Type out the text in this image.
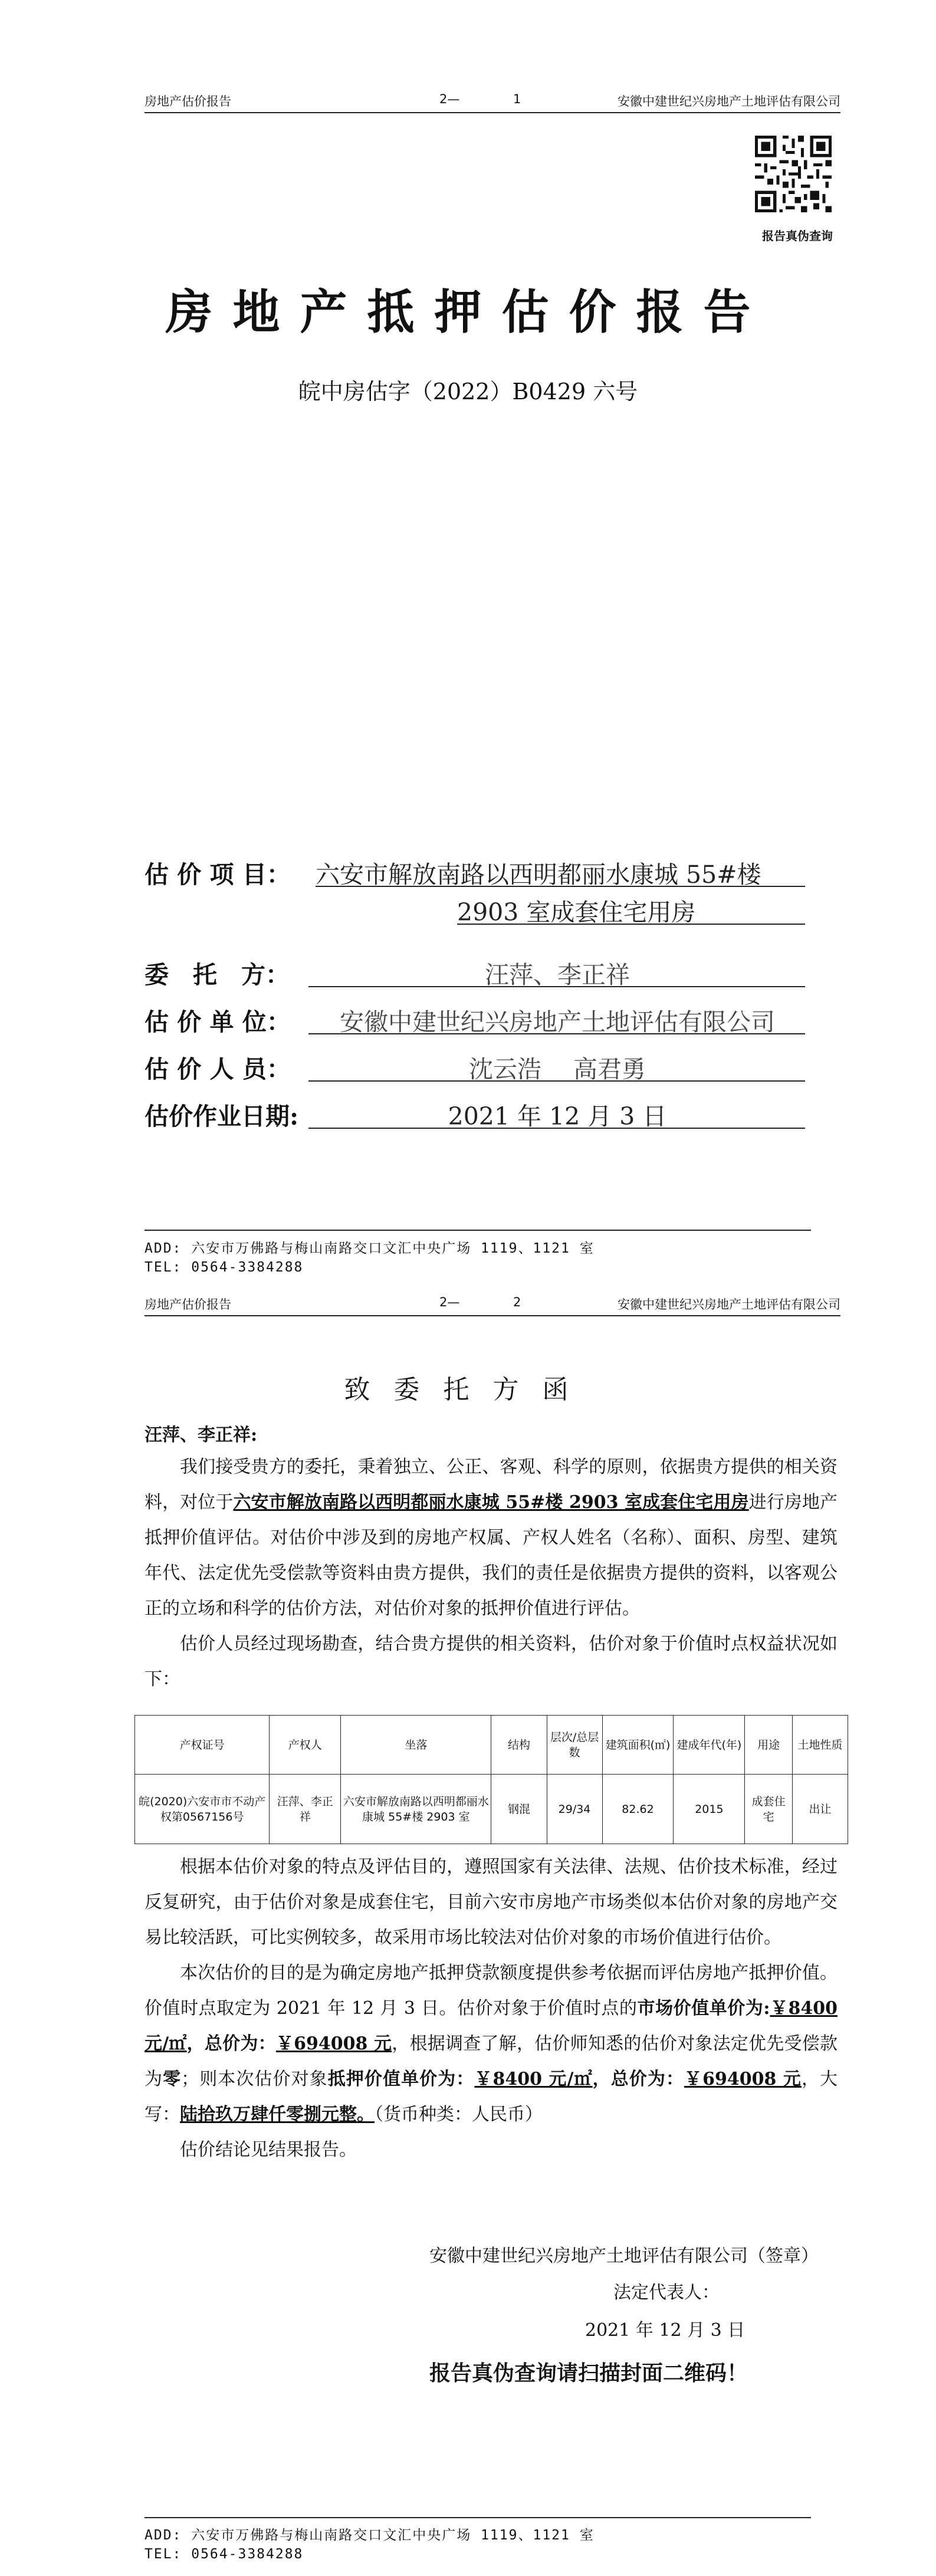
房地产估价报告	2—	1	安徽中建世纪兴房地产土地评估有限公司
报告真伪查询
房地产抵押估价报告
皖中房估字（2022）B0429 六号
估 价 项 目： 六安市解放南路以西明都丽水康城 55#楼
2903 室成套住宅用房
委　托　方：	汪萍、李正祥
估 价 单 位：	安徽中建世纪兴房地产土地评估有限公司
估 价 人 员：	沈云浩　 高君勇
估价作业日期:	2021 年 12 月 3 日
ADD: 六安市万佛路与梅山南路交口文汇中央广场 1119、1121 室
TEL: 0564-3384288
房地产估价报告	2—	2	安徽中建世纪兴房地产土地评估有限公司
致委托方函
汪萍、李正祥:

我们接受贵方的委托，秉着独立、公正、客观、科学的原则，依据贵方提供的相关资料，对位于六安市解放南路以西明都丽水康城 55#楼 2903 室成套住宅用房进行房地产抵押价值评估。对估价中涉及到的房地产权属、产权人姓名（名称）、面积、房型、建筑年代、法定优先受偿款等资料由贵方提供，我们的责任是依据贵方提供的资料，以客观公正的立场和科学的估价方法，对估价对象的抵押价值进行评估。

估价人员经过现场勘查，结合贵方提供的相关资料，估价对象于价值时点权益状况如下：

产权证号	产权人	坐落	结构	层次/总层数	建筑面积(㎡)	建成年代(年)	用途	土地性质
皖(2020)六安市市不动产权第0567156号	汪萍、李正祥	六安市解放南路以西明都丽水康城 55#楼 2903 室	钢混	29/34	82.62	2015	成套住宅	出让

根据本估价对象的特点及评估目的，遵照国家有关法律、法规、估价技术标准，经过反复研究，由于估价对象是成套住宅，目前六安市房地产市场类似本估价对象的房地产交易比较活跃，可比实例较多，故采用市场比较法对估价对象的市场价值进行估价。

本次估价的目的是为确定房地产抵押贷款额度提供参考依据而评估房地产抵押价值。价值时点取定为 2021 年 12 月 3 日。估价对象于价值时点的市场价值单价为:￥8400 元/㎡，总价为：￥694008 元，根据调查了解，估价师知悉的估价对象法定优先受偿款为零；则本次估价对象抵押价值单价为：￥8400 元/㎡，总价为：￥694008 元，大写：陆拾玖万肆仟零捌元整。（货币种类：人民币）

估价结论见结果报告。

安徽中建世纪兴房地产土地评估有限公司（签章）
法定代表人：
2021 年 12 月 3 日
报告真伪查询请扫描封面二维码！
ADD: 六安市万佛路与梅山南路交口文汇中央广场 1119、1121 室
TEL: 0564-3384288
